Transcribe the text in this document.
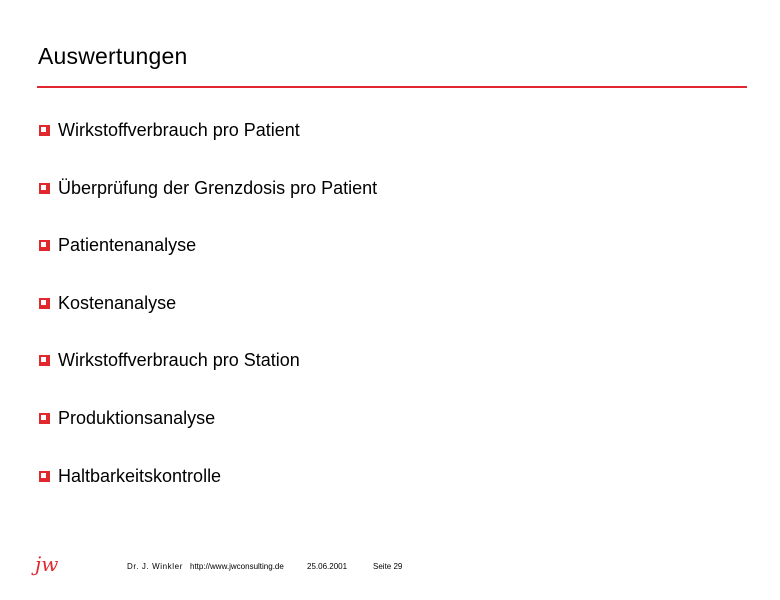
Auswertungen
Wirkstoffverbrauch pro Patient
Überprüfung der Grenzdosis pro Patient
Patientenanalyse
Kostenanalyse
Wirkstoffverbrauch pro Station
Produktionsanalyse
Haltbarkeitskontrolle
jw	Dr. J. Winkler http://www.jwconsulting.de	25.06.2001	Seite 29
